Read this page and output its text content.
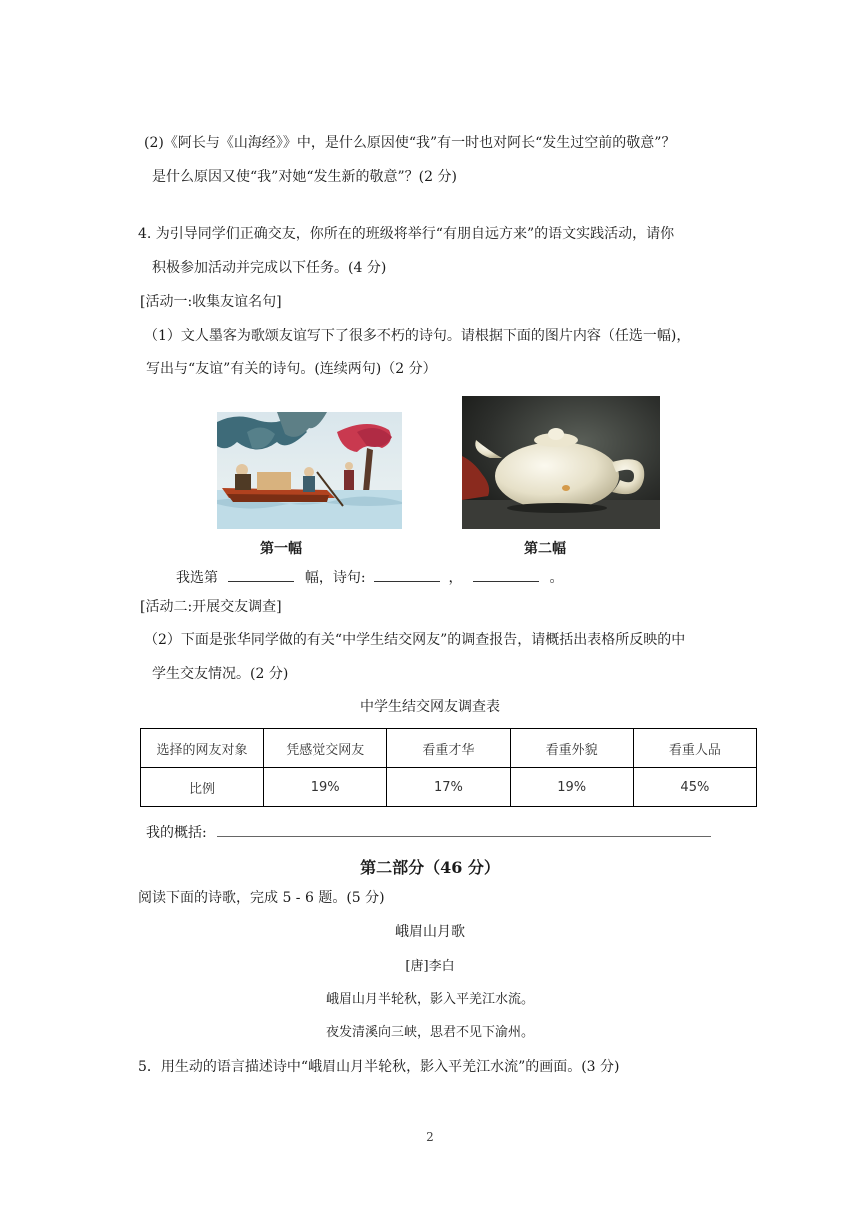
(2)《阿长与《山海经》》中，是什么原因使“我”有一时也对阿长“发生过空前的敬意”？
是什么原因又使“我”对她“发生新的敬意”？(2 分)
4. 为引导同学们正确交友，你所在的班级将举行“有朋自远方来”的语文实践活动，请你
积极参加活动并完成以下任务。(4 分)
[活动一:收集友谊名句]
（1）文人墨客为歌颂友谊写下了很多不朽的诗句。请根据下面的图片内容（任选一幅)，
写出与“友谊”有关的诗句。(连续两句)（2 分）
第一幅	第二幅
我选第	幅，诗句:	，	。
[活动二:开展交友调查]
（2）下面是张华同学做的有关“中学生结交网友”的调查报告，请概括出表格所反映的中
学生交友情况。(2 分)
中学生结交网友调查表
选择的网友对象	凭感觉交网友	看重才华	看重外貌	看重人品
比例	19%	17%	19%	45%
我的概括:
第二部分（46 分）
阅读下面的诗歌，完成 5 - 6 题。(5 分)
峨眉山月歌
[唐]李白
峨眉山月半轮秋，影入平羌江水流。
夜发清溪向三峡，思君不见下渝州。
5．用生动的语言描述诗中“峨眉山月半轮秋，影入平羌江水流”的画面。(3 分)
2
